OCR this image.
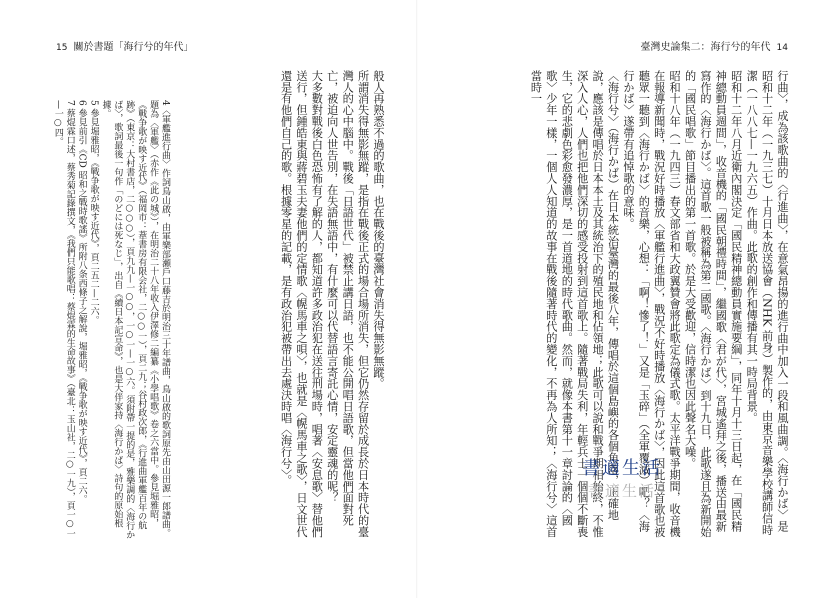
15 關於書題「海行兮的年代」

4〈軍艦進行曲〉作詞鳥山啟，由軍樂部瀬戶口藤吉於明治三十年譜曲，鳥山啟的歌詞原先由山田源一郎譜曲。題為〈軍艦〉（赤作《此の城》），在明治二十八年收入伊澤修二編纂《小學唱歌》卷之六當中。參見堀雅昭，《戰争歌が映す近代》（福岡市：葦書房有限会社，二○○一），頁二九；谷村政次郎，《行進曲軍艦百年の航跡》（東京：大村書店，二○○○），頁九九—一○○，一○一—一○六。須附帶一提的是，雅樂調的〈海行かば〉，歌詞最後一句作「のどには死なじ」，出自《續日本記宣命》，也是大伴家持〈海行かば〉詩句的原始根據。

5 參見堀雅昭，《戰争歌が映す近代》，頁二五二—二六。

6 參見前引《CD 昭和之戰時歌謠》所附八条西條子之解說，堀雅昭，《戰争歌が映す近代》，頁二六。

7 蔡焜霖口述，蔡秀菊記錄撰文，《我們只能歌唱：蔡焜霖的生命故事》（臺北：玉山社，二○一九），頁一○一—一○四。	般人再熟悉不過的歌曲，也在戰後的臺灣社會消失得無影無蹤。

所謂消失得無影無蹤，是指在戰後正式的場合場所消失，但它仍然存留於成長於日本時代的臺灣人的心中腦中。戰後「日語世代」被禁止講日語，也不能公開唱日語歌，但當他們面對死亡，被迫向人世告別，在失語無語中，有什麼可以代替語言寄託心情，安定靈魂的呢？

大多數對戰後白色恐怖有了解的人，都知道許多政治犯在送往刑場時，唱著〈安息歌〉替他們送行，但鍾皓東與蔣碧玉夫妻他們的定情歌〈幌馬車之唄〉，也就是〈幌馬車之歌〉，日文世代還是有他們自己的歌。根據零星的記載，是有政治犯被帶出去處決時唱〈海行兮〉。

臺灣史論集二：海行兮的年代 14

行曲〉，成為該歌曲的〈行進曲〉，在意氣昂揚的進行曲中加入一段和風曲調。〈海行かば〉是昭和十二年（一九三七）十月日本放送協會（NHK 前身）製作的，由東京音樂學校講師信時潔（一八八七—一九六五）作曲。此歌的創作和傳播有其一時局背景。

昭和十二年八月近衛內閣決定「國民精神總動員實施要綱」，同年十月十三日起，在「國民精神總動員週間」，收音機的「國民朝禮時間」，繼國歌〈君が代〉，宮城遙拜之後，播送由最新寫作的〈海行かば〉。這首歌一般被稱為第二國歌。〈海行かば〉到十九日，此歌遂且為新開始的「國民唱歌」節目播出的第一首歌。於是大受歡迎，信時潔也因此聲名大噪。

昭和十八年（一九四三）春文部省和大政翼贊會將此歌定為儀式歌。太平洋戰爭期間，收音機在報導新聞時，戰況好時播放〈軍艦行進曲〉，戰況不好時播放〈海行かば〉，因此這首歌也被聽眾一聽到〈海行かば〉的音樂，心想：「啊！慘了！」又是「玉碎」（全軍覆滅）吧？〈海行かば〉遂帶有追悼歌的意味。

〈海行兮〉（海行かば）在日本統治臺灣的最後八年，傳唱於這個島嶼的各個角落，正確地說，應該是傳唱於日本本土及其統治下的殖民地和佔領地；此歌可以說和戰爭期相始終，不惟深入人心，人們也把他們深切的感受投射到這首歌上。隨著戰局失利，年輕兵士一個個不斷喪生，它的悲劇色彩愈發濃厚，是一首道地的時代歌曲。然而，就像本書第十一章討論的〈國歌〉少年一樣，一個人人知道的故事在戰後隨著時代的變化，不再為人所知；〈海行兮〉這首當時一

書適生活
書適生活
